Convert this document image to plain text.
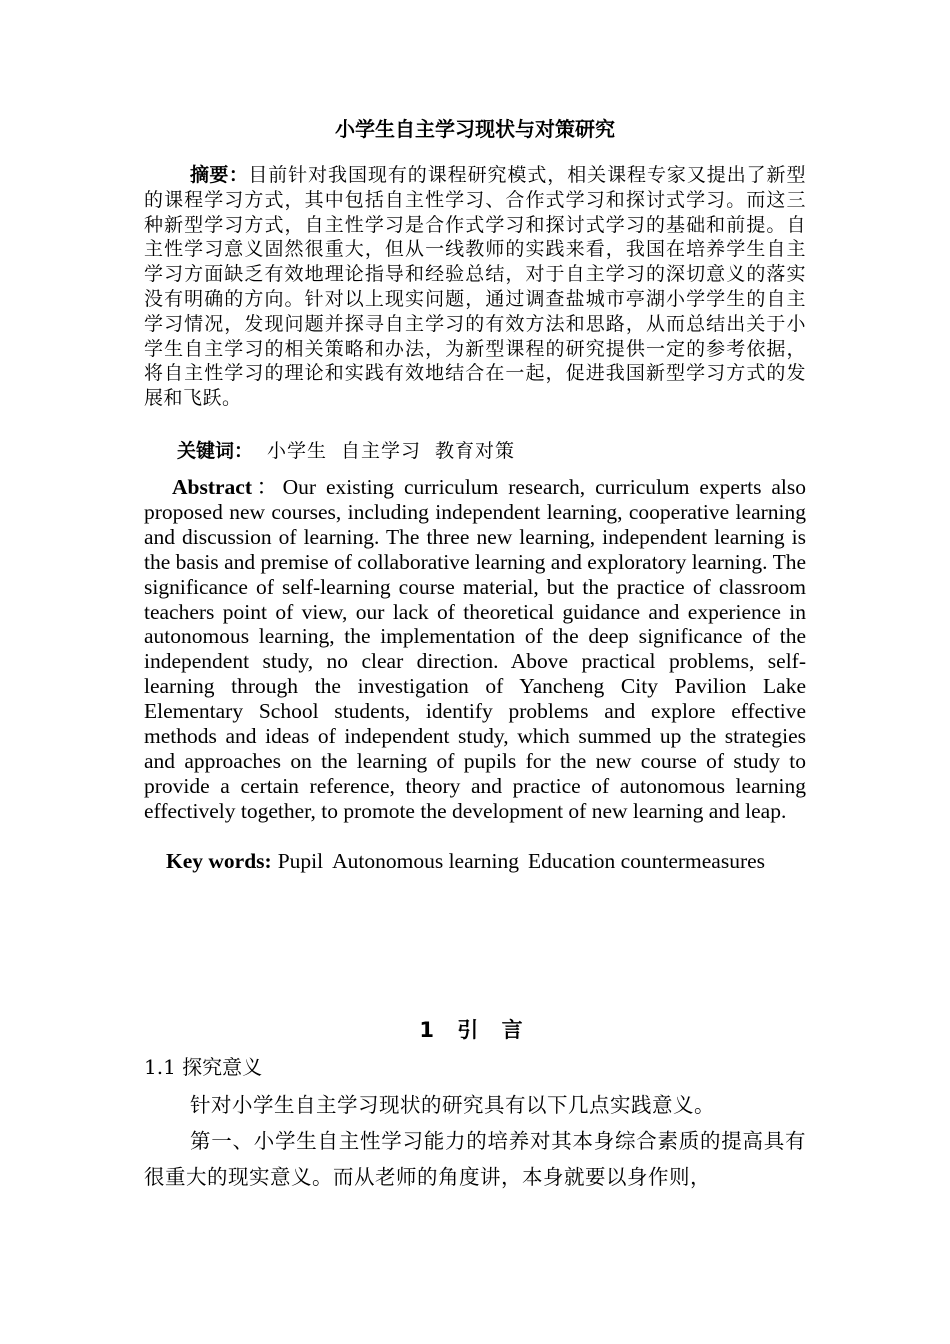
小学生自主学习现状与对策研究

摘要：目前针对我国现有的课程研究模式，相关课程专家又提出了新型的课程学习方式，其中包括自主性学习、合作式学习和探讨式学习。而这三种新型学习方式，自主性学习是合作式学习和探讨式学习的基础和前提。自主性学习意义固然很重大，但从一线教师的实践来看，我国在培养学生自主学习方面缺乏有效地理论指导和经验总结，对于自主学习的深切意义的落实没有明确的方向。针对以上现实问题，通过调查盐城市亭湖小学学生的自主学习情况，发现问题并探寻自主学习的有效方法和思路，从而总结出关于小学生自主学习的相关策略和办法，为新型课程的研究提供一定的参考依据，将自主性学习的理论和实践有效地结合在一起，促进我国新型学习方式的发展和飞跃。

关键词： 小学生 自主学习 教育对策

Abstract：Our existing curriculum research, curriculum experts also proposed new courses, including independent learning, cooperative learning and discussion of learning. The three new learning, independent learning is the basis and premise of collaborative learning and exploratory learning. The significance of self-learning course material, but the practice of classroom teachers point of view, our lack of theoretical guidance and experience in autonomous learning, the implementation of the deep significance of the independent study, no clear direction. Above practical problems, self-learning through the investigation of Yancheng City Pavilion Lake Elementary School students, identify problems and explore effective methods and ideas of independent study, which summed up the strategies and approaches on the learning of pupils for the new course of study to provide a certain reference, theory and practice of autonomous learning effectively together, to promote the development of new learning and leap.

Key words: Pupil Autonomous learning Education countermeasures
1 引 言
1.1 探究意义

针对小学生自主学习现状的研究具有以下几点实践意义。

第一、小学生自主性学习能力的培养对其本身综合素质的提高具有很重大的现实意义。而从老师的角度讲，本身就要以身作则，
